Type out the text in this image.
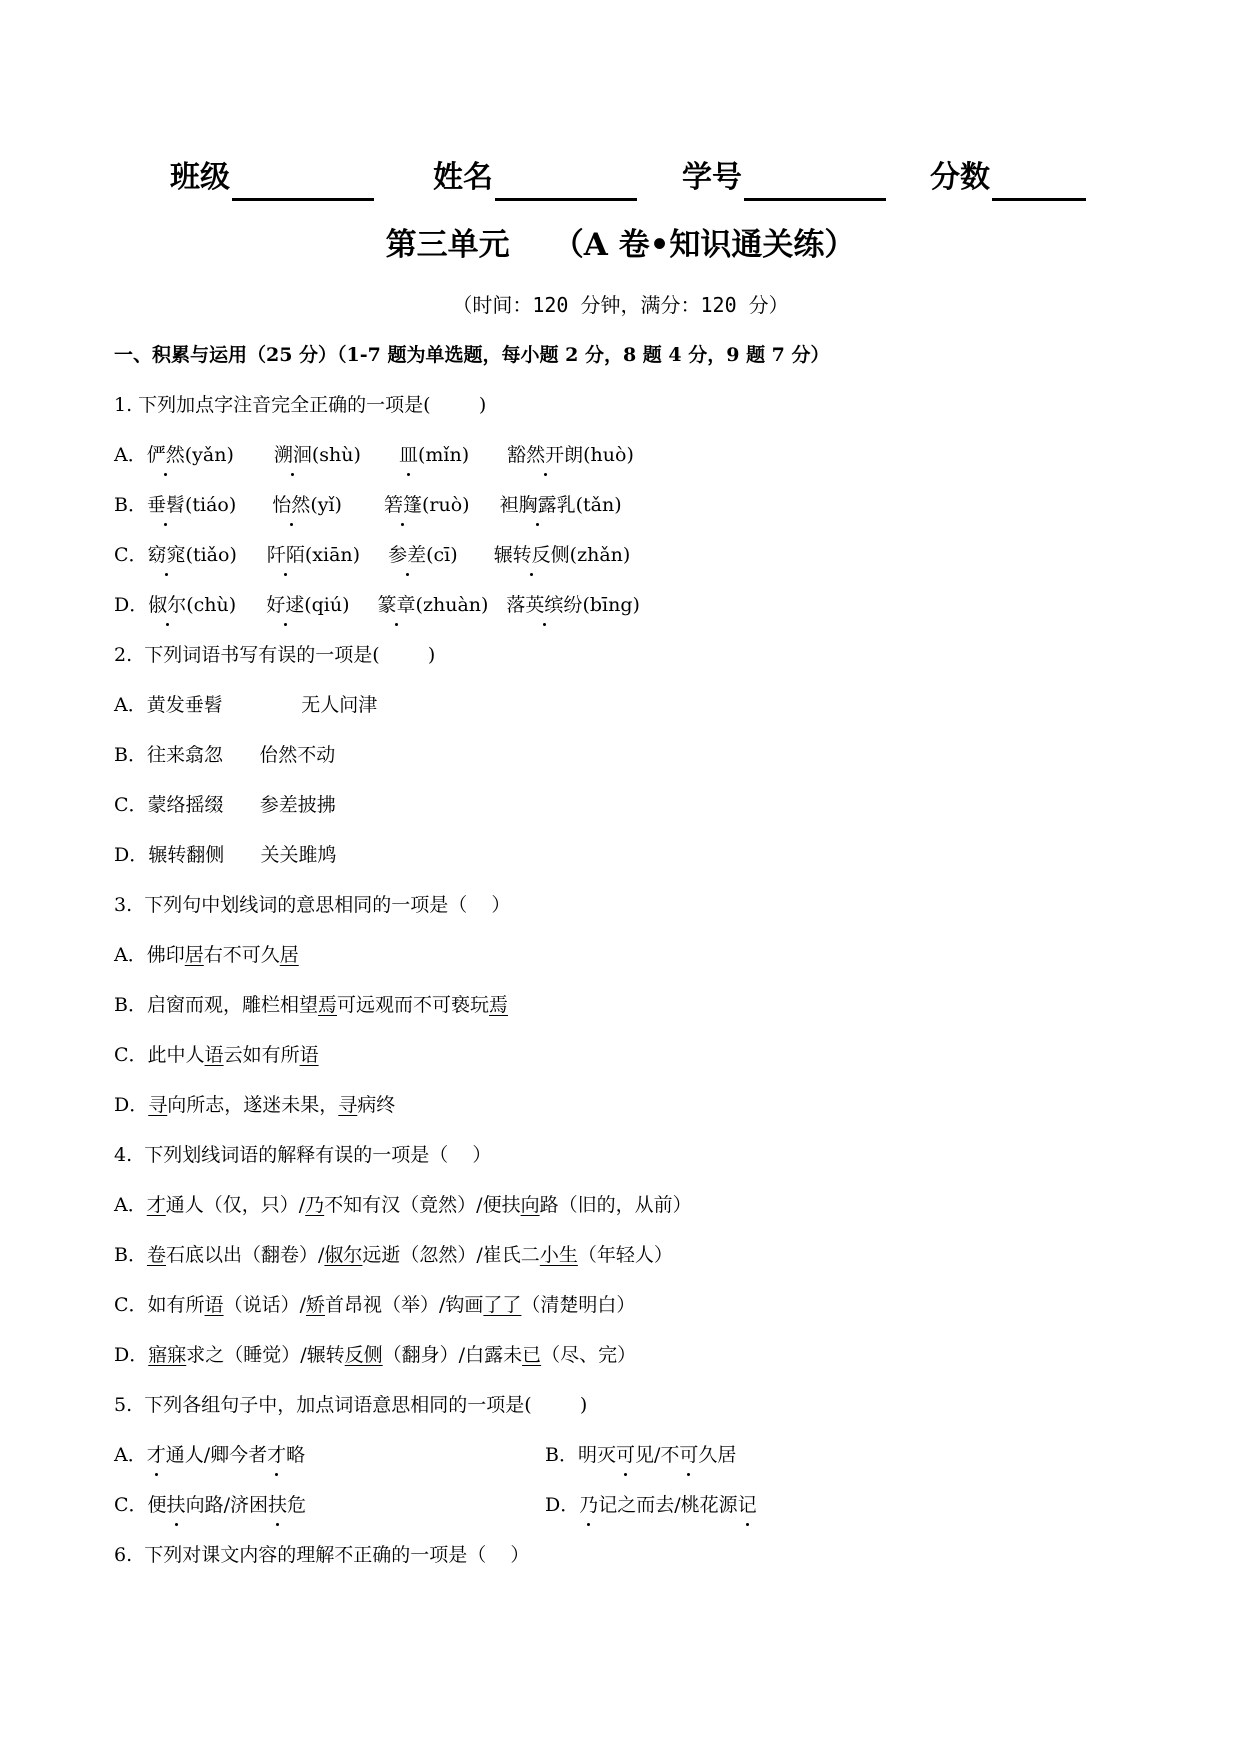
班级	姓名	学号	分数
第三单元    （A 卷•知识通关练）
（时间：120 分钟，满分：120 分）
一、积累与运用（25 分）（1-7 题为单选题，每小题 2 分，8 题 4 分，9 题 7 分）
1. 下列加点字注音完全正确的一项是(        )
A．俨然(yǎn) 溯洄(shù) 皿(mǐn) 豁然开朗(huò)
B．垂髫(tiáo) 怡然(yǐ) 箬篷(ruò) 袒胸露乳(tǎn)
C．窈窕(tiǎo) 阡陌(xiān) 参差(cī) 辗转反侧(zhǎn)
D．俶尔(chù) 好逑(qiú) 篆章(zhuàn) 落英缤纷(bīng)
2.  下列词语书写有误的一项是(        )
A．黄发垂髫             无人问津
B．往来翕忽      佁然不动
C．蒙络摇缀      参差披拂
D．辗转翻侧      关关雎鸠
3.  下列句中划线词的意思相同的一项是（    ）
A．佛印居右不可久居
B．启窗而观，雕栏相望焉可远观而不可亵玩焉
C．此中人语云如有所语
D．寻向所志，遂迷未果，寻病终
4.  下列划线词语的解释有误的一项是（    ）
A．才通人（仅，只）/乃不知有汉（竟然）/便扶向路（旧的，从前）
B．卷石底以出（翻卷）/俶尔远逝（忽然）/崔氏二小生（年轻人）
C．如有所语（说话）/矫首昂视（举）/钩画了了（清楚明白）
D．寤寐求之（睡觉）/辗转反侧（翻身）/白露未已（尽、完）
5.  下列各组句子中，加点词语意思相同的一项是(        )
A．才通人/卿今者才略	B．明灭可见/不可久居
C．便扶向路/济困扶危	D．乃记之而去/桃花源记
6.  下列对课文内容的理解不正确的一项是（    ）
